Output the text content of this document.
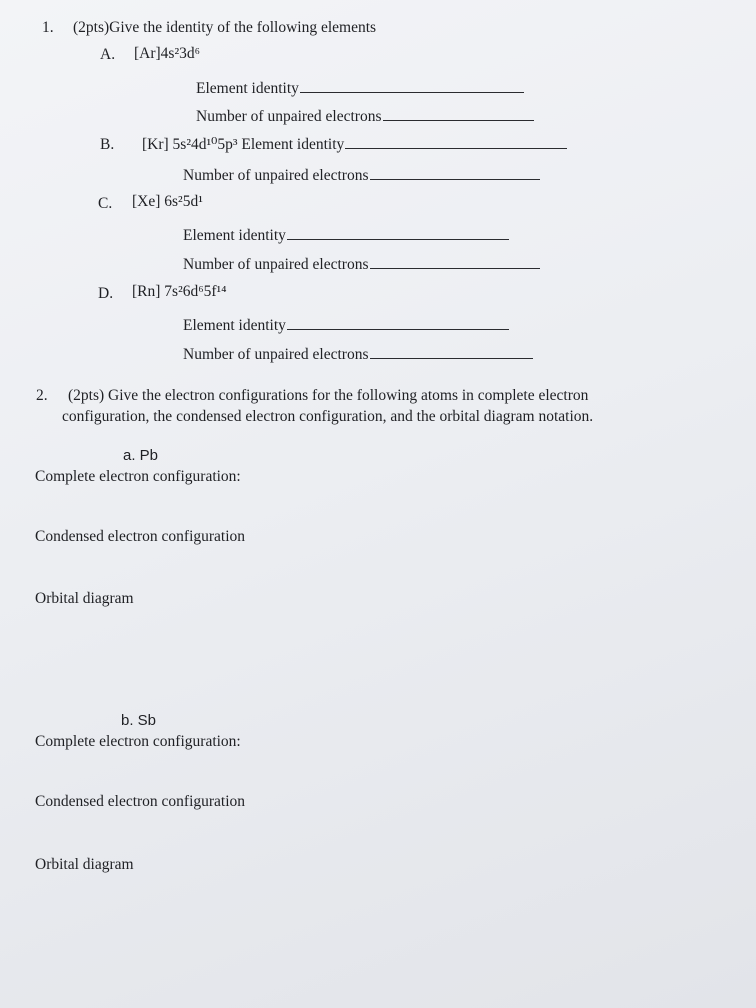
1. (2pts)Give the identity of the following elements
A. [Ar]4s²3d⁶
Element identity
Number of unpaired electrons
B. [Kr] 5s²4d¹⁰5p³ Element identity
Number of unpaired electrons
C. [Xe] 6s²5d¹
Element identity
Number of unpaired electrons
D. [Rn] 7s²6d⁶5f¹⁴
Element identity
Number of unpaired electrons
2. (2pts) Give the electron configurations for the following atoms in complete electron
configuration, the condensed electron configuration, and the orbital diagram notation.
a. Pb
Complete electron configuration:
Condensed electron configuration
Orbital diagram
b. Sb
Complete electron configuration:
Condensed electron configuration
Orbital diagram
